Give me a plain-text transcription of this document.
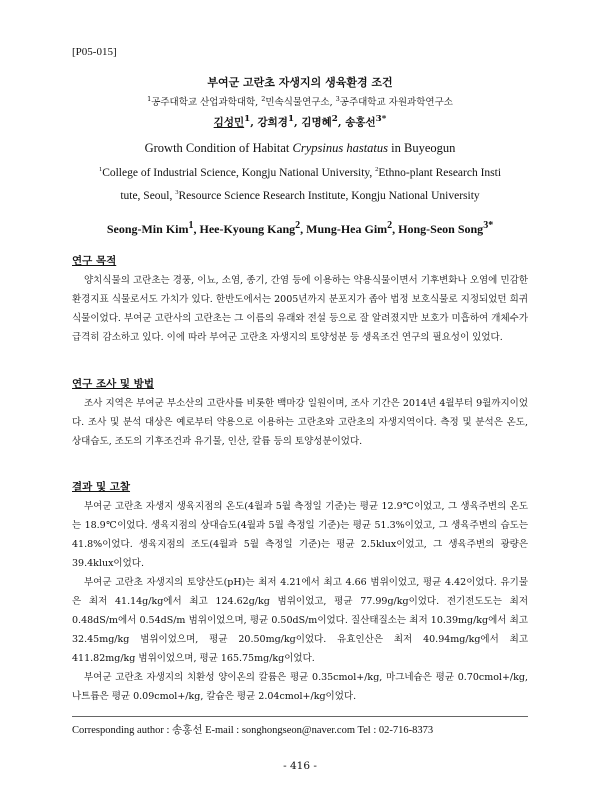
[P05-015]
부여군 고란초 자생지의 생육환경 조건
$^1$공주대학교 산업과학대학, $^2$민속식물연구소, $^3$공주대학교 자원과학연구소
김성민$^1$, 강희경$^1$, 김명혜$^2$, 송홍선$^{3*}$
Growth Condition of Habitat Crypsinus hastatus in Buyeogun
$^1$College of Industrial Science, Kongju National University, $^2$Ethno-plant Research Insti
tute, Seoul, $^3$Resource Science Research Institute, Kongju National University
Seong-Min Kim$^1$, Hee-Kyoung Kang$^2$, Mung-Hea Gim$^2$, Hong-Seon Song$^{3*}$
연구 목적

양치식물의 고란초는 경풍, 이뇨, 소염, 종기, 간염 등에 이용하는 약용식물이면서 기후변화나 오염에 민감한 환경지표 식물로서도 가치가 있다. 한반도에서는 2005년까지 분포지가 좁아 법정 보호식물로 지정되었던 희귀식물이었다. 부여군 고란사의 고란초는 그 이름의 유래와 전설 등으로 잘 알려졌지만 보호가 미흡하여 개체수가 급격히 감소하고 있다. 이에 따라 부여군 고란초 자생지의 토양성분 등 생육조건 연구의 필요성이 있었다.

연구 조사 및 방법

조사 지역은 부여군 부소산의 고란사를 비롯한 백마강 일원이며, 조사 기간은 2014년 4월부터 9월까지이었다. 조사 및 분석 대상은 예로부터 약용으로 이용하는 고란초와 고란초의 자생지역이다. 측정 및 분석은 온도, 상대습도, 조도의 기후조건과 유기물, 인산, 칼륨 등의 토양성분이었다.

결과 및 고찰

부여군 고란초 자생지 생육지점의 온도(4월과 5월 측정일 기준)는 평균 12.9℃이었고, 그 생육주변의 온도는 18.9℃이었다. 생육지점의 상대습도(4월과 5월 측정일 기준)는 평균 51.3%이었고, 그 생육주변의 습도는 41.8%이었다. 생육지점의 조도(4월과 5월 측정일 기준)는 평균 2.5klux이었고, 그 생육주변의 광량은 39.4klux이었다.

부여군 고란초 자생지의 토양산도(pH)는 최저 4.21에서 최고 4.66 범위이었고, 평균 4.42이었다. 유기물은 최저 41.14g/kg에서 최고 124.62g/kg 범위이었고, 평균 77.99g/kg이었다. 전기전도도는 최저 0.48dS/m에서 0.54dS/m 범위이었으며, 평균 0.50dS/m이었다. 질산태질소는 최저 10.39mg/kg에서 최고 32.45mg/kg 범위이었으며, 평균 20.50mg/kg이었다. 유효인산은 최저 40.94mg/kg에서 최고 411.82mg/kg 범위이었으며, 평균 165.75mg/kg이었다.

부여군 고란초 자생지의 치환성 양이온의 칼륨은 평균 0.35cmol+/kg, 마그네슘은 평균 0.70cmol+/kg, 나트륨은 평균 0.09cmol+/kg, 칼슘은 평균 2.04cmol+/kg이었다.

Corresponding author : 송홍선 E-mail : songhongseon@naver.com Tel : 02-716-8373
- 416 -
